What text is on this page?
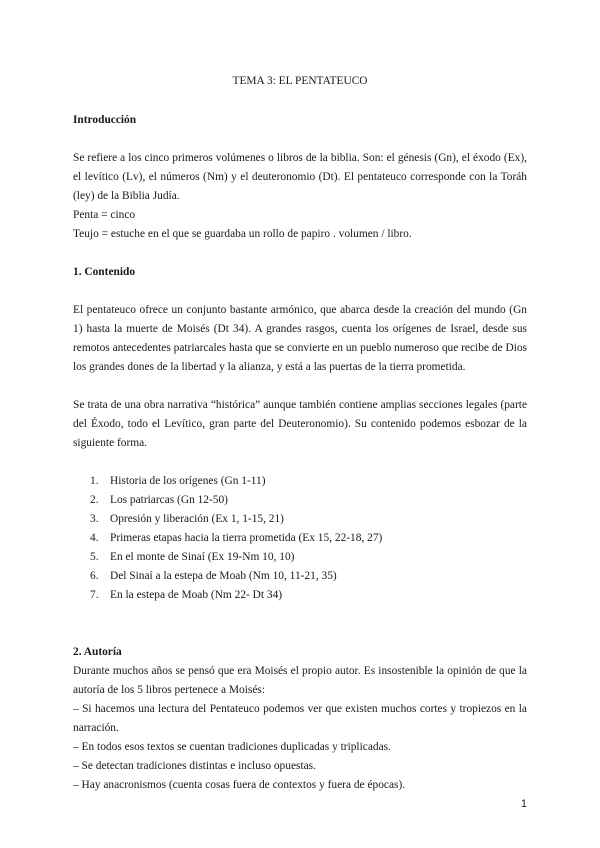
TEMA 3: EL PENTATEUCO
Introducción

Se refiere a los cinco primeros volúmenes o libros de la biblia. Son: el génesis (Gn), el éxodo (Ex), el levítico (Lv), el números (Nm) y el deuteronomio (Dt). El pentateuco corresponde con la Toráh (ley) de la Biblia Judía.

Penta = cinco

Teujo = estuche en el que se guardaba un rollo de papiro . volumen / libro.

1. Contenido

El pentateuco ofrece un conjunto bastante armónico, que abarca desde la creación del mundo (Gn 1) hasta la muerte de Moisés (Dt 34). A grandes rasgos, cuenta los orígenes de Israel, desde sus remotos antecedentes patriarcales hasta que se convierte en un pueblo numeroso que recibe de Dios los grandes dones de la libertad y la alianza, y está a las puertas de la tierra prometida.

Se trata de una obra narrativa “histórica” aunque también contiene amplias secciones legales (parte del Éxodo, todo el Levítico, gran parte del Deuteronomio). Su contenido podemos esbozar de la siguiente forma.

1. Historia de los orígenes (Gn 1-11)
2. Los patriarcas (Gn 12-50)
3. Opresión y liberación (Ex 1, 1-15, 21)
4. Primeras etapas hacia la tierra prometida (Ex 15, 22-18, 27)
5. En el monte de Sinaí (Ex 19-Nm 10, 10)
6. Del Sinaí a la estepa de Moab (Nm 10, 11-21, 35)
7. En la estepa de Moab (Nm 22- Dt 34)
2. Autoría

Durante muchos años se pensó que era Moisés el propio autor. Es insostenible la opinión de que la autoría de los 5 libros pertenece a Moisés:

– Si hacemos una lectura del Pentateuco podemos ver que existen muchos cortes y tropiezos en la narración.

– En todos esos textos se cuentan tradiciones duplicadas y triplicadas.

– Se detectan tradiciones distintas e incluso opuestas.

– Hay anacronismos (cuenta cosas fuera de contextos y fuera de épocas).

1
